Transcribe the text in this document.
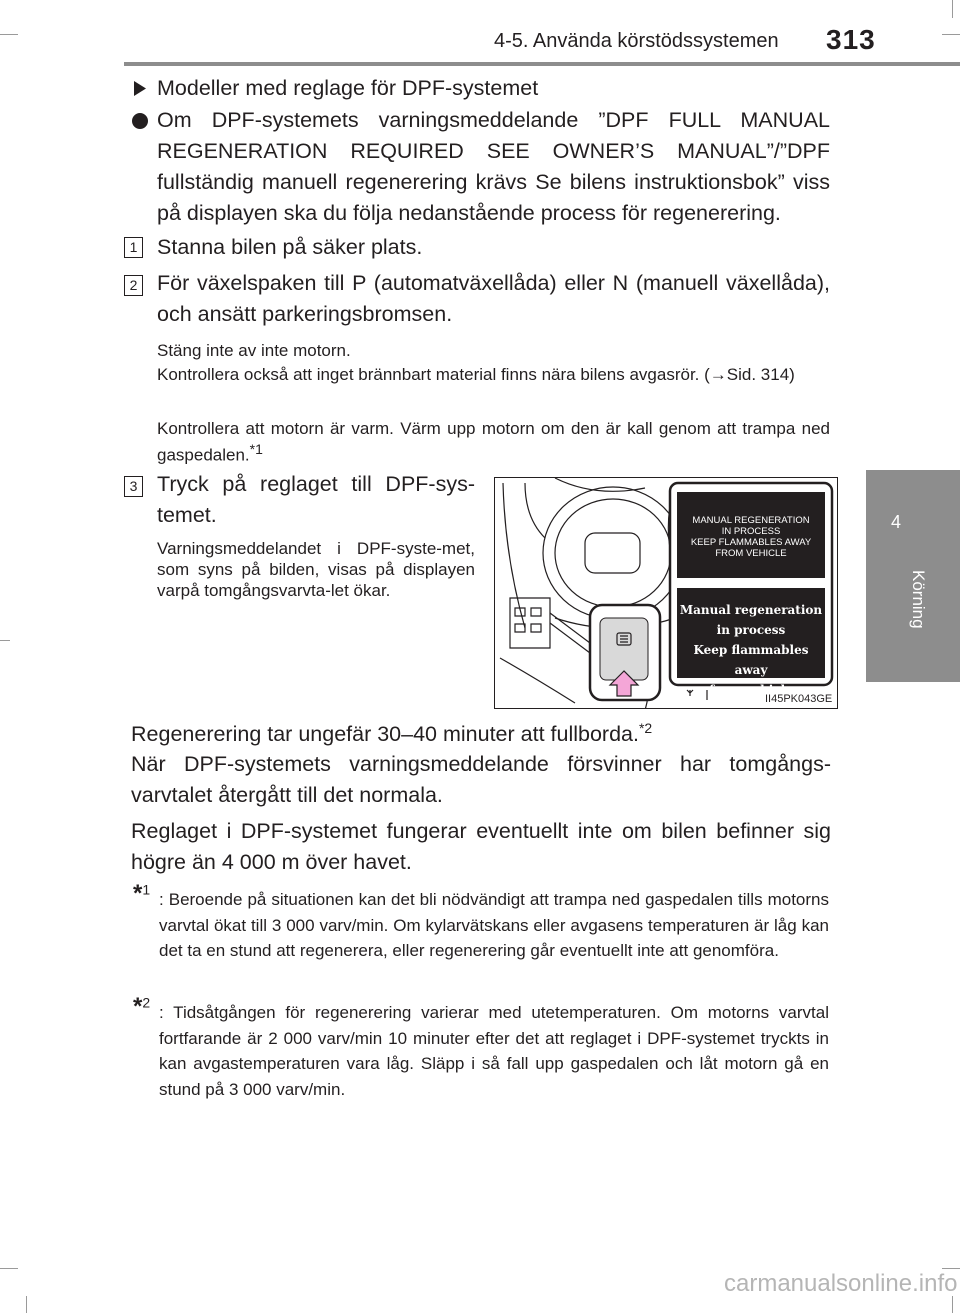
4-5. Använda körstödssystemen 313
4
Körning
Modeller med reglage för DPF-systemet
Om DPF-systemets varningsmeddelande ”DPF FULL MANUAL REGENERATION REQUIRED SEE OWNER’S MANUAL”/”DPF fullständig manuell regenerering krävs Se bilens instruktionsbok” viss på displayen ska du följa nedanstående process för regenerering.
1 Stanna bilen på säker plats.
2 För växelspaken till P (automatväxellåda) eller N (manuell växellåda), och ansätt parkeringsbromsen.
Stäng inte av inte motorn.
Kontrollera också att inget brännbart material finns nära bilens avgasrör. (→Sid. 314)
Kontrollera att motorn är varm. Värm upp motorn om den är kall genom att trampa ned gaspedalen.$^{*1}$
3 Tryck på reglaget till DPF-sys-temet.
Varningsmeddelandet i DPF-syste-met, som syns på bilden, visas på displayen varpå tomgångsvarvta-let ökar.
MANUAL REGENERATION
IN PROCESS
KEEP FLAMMABLES AWAY
FROM VEHICLE
Manual regeneration
in process
Keep flammables away
from vehicle
II45PK043GE
Regenerering tar ungefär 30–40 minuter att fullborda.$^{*2}$
När DPF-systemets varningsmeddelande försvinner har tomgångs-varvtalet återgått till det normala.
Reglaget i DPF-systemet fungerar eventuellt inte om bilen befinner sig högre än 4 000 m över havet.
*$^1$
: Beroende på situationen kan det bli nödvändigt att trampa ned gaspedalen tills motorns varvtal ökat till 3 000 varv/min. Om kylarvätskans eller avgasens temperaturen är låg kan det ta en stund att regenerera, eller regenerering går eventuellt inte att genomföra.
*$^2$
: Tidsåtgången för regenerering varierar med utetemperaturen. Om motorns varvtal fortfarande är 2 000 varv/min 10 minuter efter det att reglaget i DPF-systemet tryckts in kan avgastemperaturen vara låg. Släpp i så fall upp gaspedalen och låt motorn gå en stund på 3 000 varv/min.
carmanualsonline.info
